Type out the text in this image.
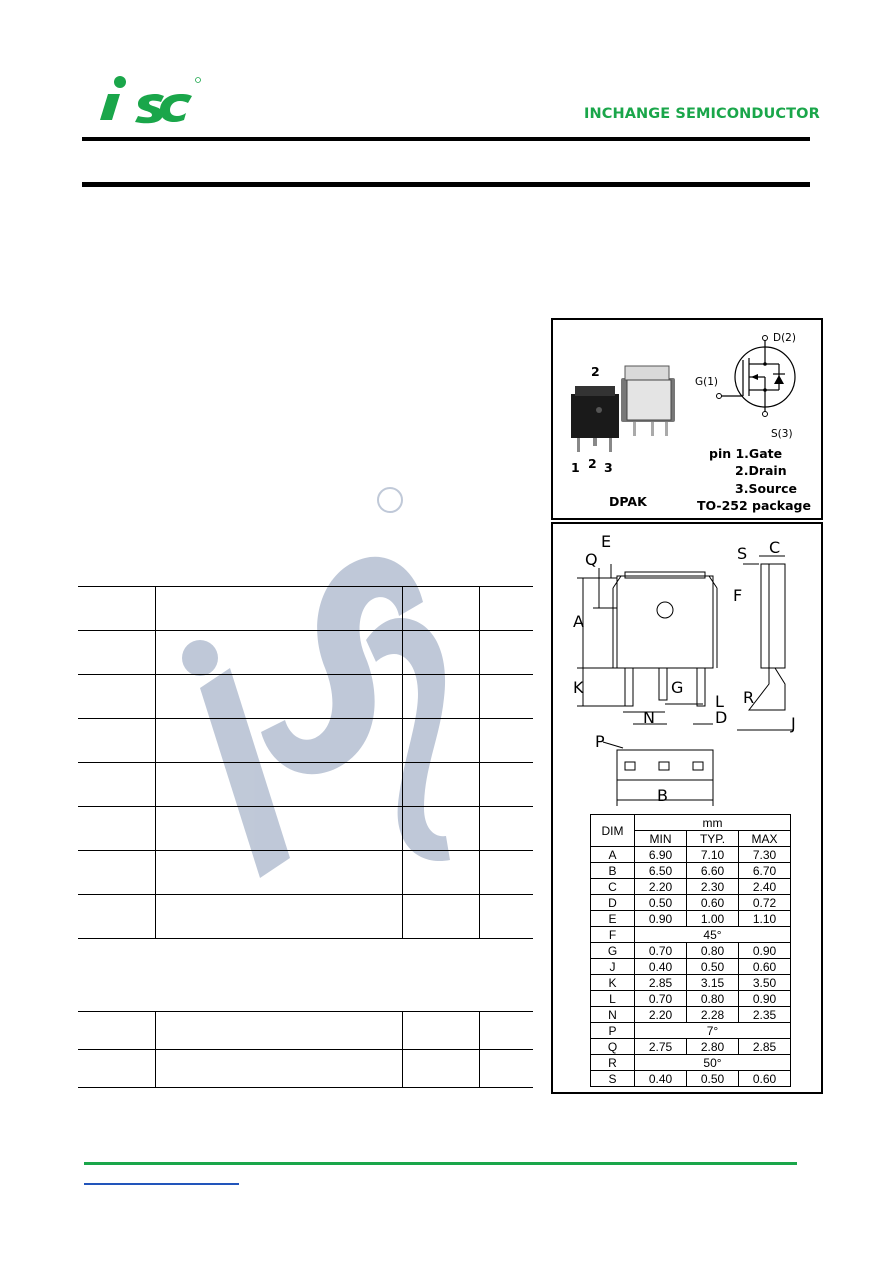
INCHANGE SEMICONDUCTOR

2
1 2 3
DPAK
D(2)
G(1)
S(3)
pin 1.Gate
2.Drain
3.Source
TO-252 package
E
Q
A
K
F
G
L
N	D
S C
R
J
P
B
DIM	mm		
	MIN	TYP.	MAX
A	6.90	7.10	7.30
B	6.50	6.60	6.70
C	2.20	2.30	2.40
D	0.50	0.60	0.72
E	0.90	1.00	1.10
F	45°		
G	0.70	0.80	0.90
J	0.40	0.50	0.60
K	2.85	3.15	3.50
L	0.70	0.80	0.90
N	2.20	2.28	2.35
P	7°		
Q	2.75	2.80	2.85
R	50°		
S	0.40	0.50	0.60
